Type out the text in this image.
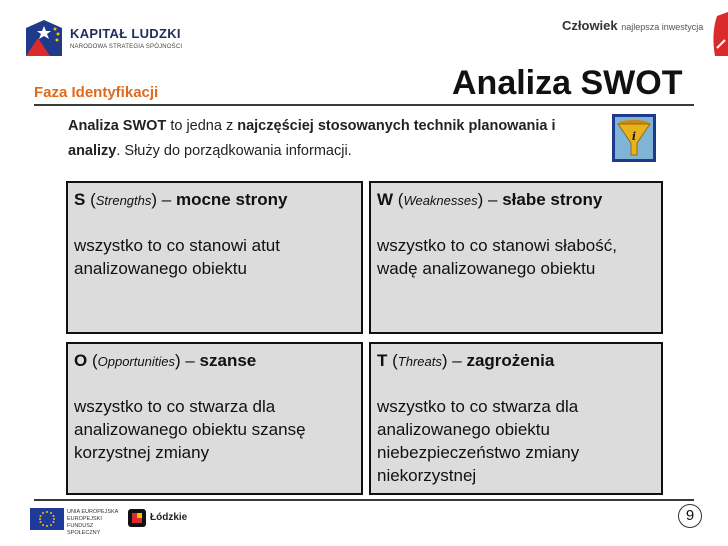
KAPITAŁ LUDZKI
NARODOWA STRATEGIA SPÓJNOŚCI
Człowiek najlepsza inwestycja
Faza Identyfikacji	Analiza SWOT
Analiza SWOT to jedna z najczęściej stosowanych technik planowania i analizy. Służy do porządkowania informacji.
i
S (Strengths) – mocne strony
wszystko to co stanowi atut analizowanego obiektu
W (Weaknesses) – słabe strony
wszystko to co stanowi słabość, wadę analizowanego obiektu
O (Opportunities) – szanse
wszystko to co stwarza dla analizowanego obiektu szansę korzystnej zmiany
T (Threats) – zagrożenia
wszystko to co stwarza dla analizowanego obiektu niebezpieczeństwo zmiany niekorzystnej
UNIA EUROPEJSKA EUROPEJSKI FUNDUSZ SPOŁECZNY
Łódzkie	9
